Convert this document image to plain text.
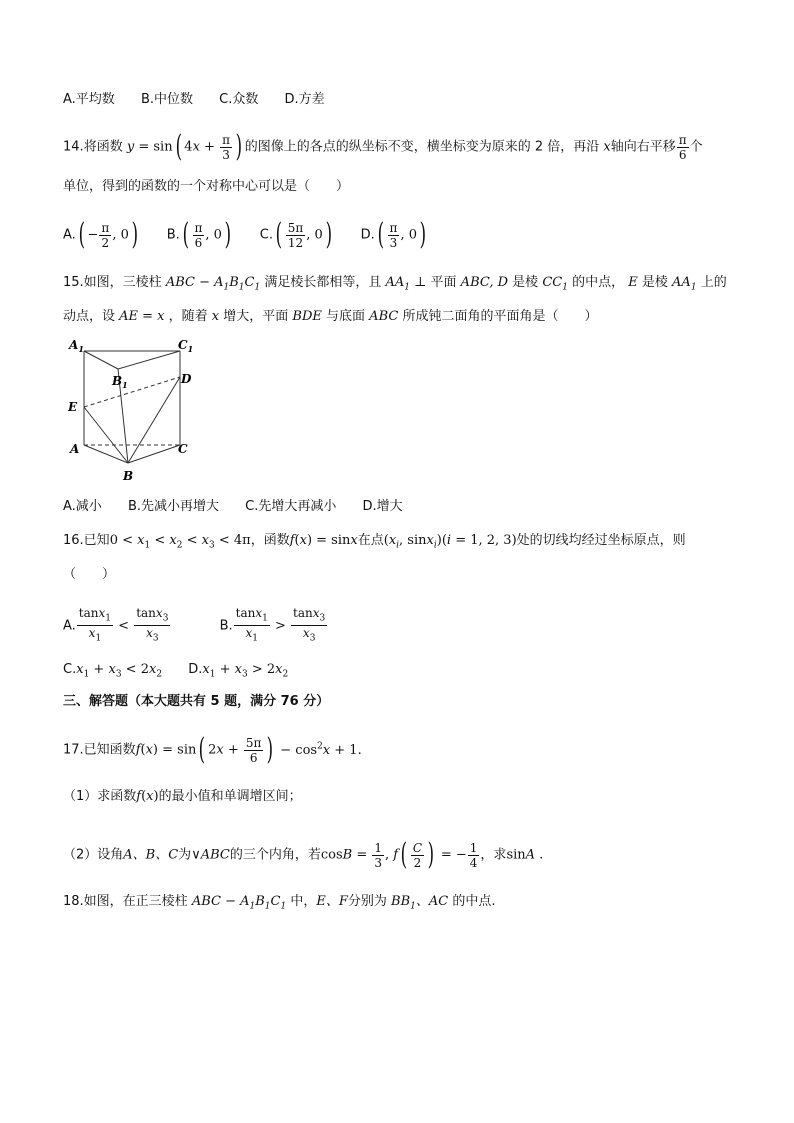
A.平均数 B.中位数 C.众数 D.方差
14.将函数 y = sin( $4x + \frac{\pi}{3}$ ) 的图像上的各点的纵坐标不变，横坐标变为原来的 2 倍，再沿 x轴向右平移 $\frac{\pi}{6}$ 个
单位，得到的函数的一个对称中心可以是（　　）
$A.( - \frac{\pi}{2}$ , 0) $B.( \frac{\pi}{6}$ , 0) $C.( \frac{5\pi}{12}$ , 0) $D.( \frac{\pi}{3}$ , 0)
15.如图，三棱柱 ABC − $A_1B_1C_1$ 满足棱长都相等，且 $AA_1$ ⊥ 平面 ABC, D 是棱 $CC_1$ 的中点， E 是棱 $AA_1$ 上的
动点，设 AE = x ，随着 x 增大，平面 BDE 与底面 ABC 所成钝二面角的平面角是（　　）
$A_1$	$C_1$
$B_1$	D
E
A	C
B
A.减小 B.先减小再增大 C.先增大再减小 D.增大
16.已知$0 < x_1 < x_2 < x_3 < 4\pi$，函数f(x) = sinx在点($x_i$, sinx$_i$)(i = 1, 2, 3)处的切线均经过坐标原点，则
（　　）
A. $\frac{\tan x_1}{x_1} < \frac{\tan x_3}{x_3}$	B. $\frac{\tan x_1}{x_1} > \frac{\tan x_3}{x_3}$
$C.x_1 + x_3 < 2x_2$ $D.x_1 + x_3 > 2x_2$
三、解答题（本大题共有 5 题，满分 76 分）
17.已知函数f(x) = sin( $2x + \frac{5\pi}{6}$ ) − $\cos^2x + 1$.
（1）求函数f(x)的最小值和单调增区间；
（2）设角A、B、C为∨ABC的三个内角，若$\cos B = \frac{1}{3}$ , $f( \frac{C}{2}$ ) = − $\frac{1}{4}$ ，求sinA .
18.如图，在正三棱柱 ABC − $A_1B_1C_1$ 中，E、F分别为 $BB_1$、AC 的中点.
